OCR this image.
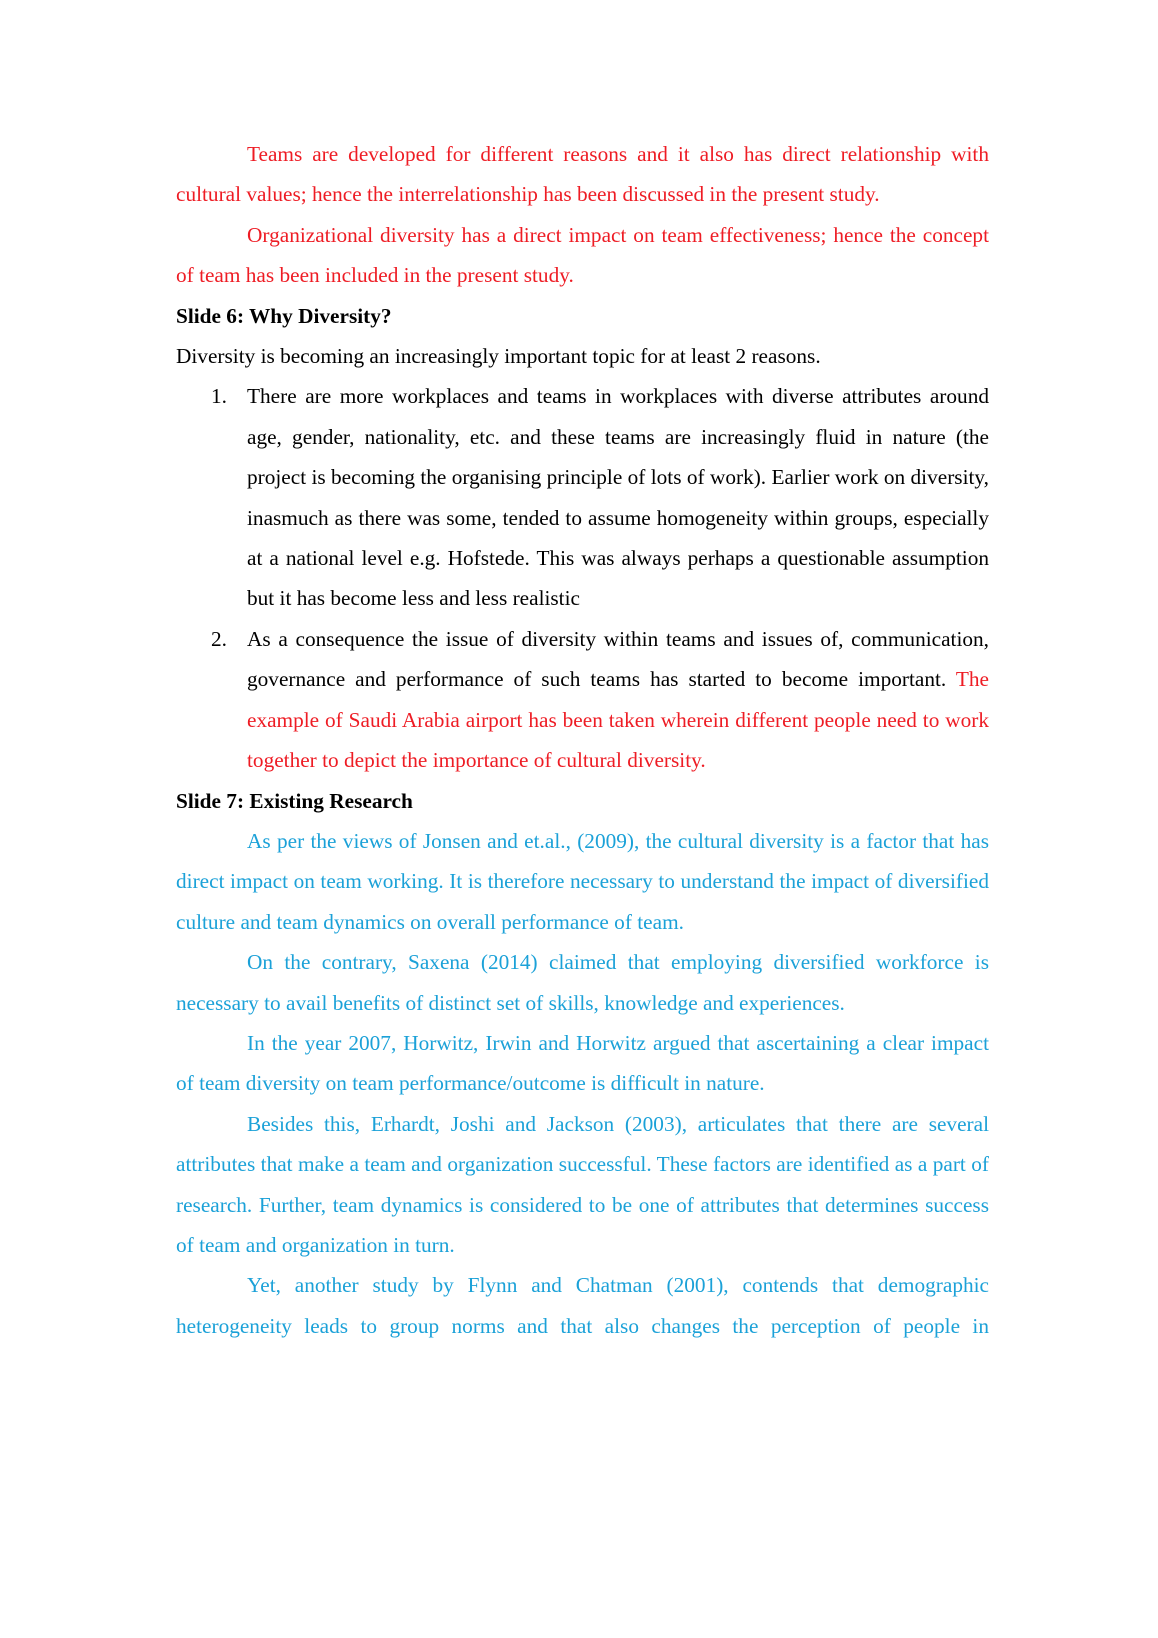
Teams are developed for different reasons and it also has direct relationship with cultural values; hence the interrelationship has been discussed in the present study.

Organizational diversity has a direct impact on team effectiveness; hence the concept of team has been included in the present study.

Slide 6: Why Diversity?

Diversity is becoming an increasingly important topic for at least 2 reasons.

1. There are more workplaces and teams in workplaces with diverse attributes around age, gender, nationality, etc. and these teams are increasingly fluid in nature (the project is becoming the organising principle of lots of work). Earlier work on diversity, inasmuch as there was some, tended to assume homogeneity within groups, especially at a national level e.g. Hofstede. This was always perhaps a questionable assumption but it has become less and less realistic
2. As a consequence the issue of diversity within teams and issues of, communication, governance and performance of such teams has started to become important. The example of Saudi Arabia airport has been taken wherein different people need to work together to depict the importance of cultural diversity.

Slide 7: Existing Research

As per the views of Jonsen and et.al., (2009), the cultural diversity is a factor that has direct impact on team working. It is therefore necessary to understand the impact of diversified culture and team dynamics on overall performance of team.

On the contrary, Saxena (2014) claimed that employing diversified workforce is necessary to avail benefits of distinct set of skills, knowledge and experiences.

In the year 2007, Horwitz, Irwin and Horwitz argued that ascertaining a clear impact of team diversity on team performance/outcome is difficult in nature.

Besides this, Erhardt, Joshi and Jackson (2003), articulates that there are several attributes that make a team and organization successful. These factors are identified as a part of research. Further, team dynamics is considered to be one of attributes that determines success of team and organization in turn.

Yet, another study by Flynn and Chatman (2001), contends that demographic heterogeneity leads to group norms and that also changes the perception of people in
